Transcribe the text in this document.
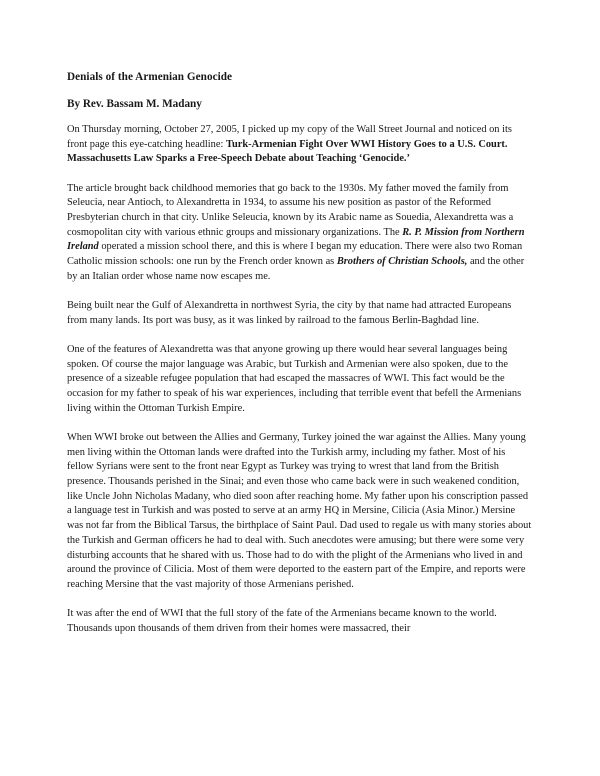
Denials of the Armenian Genocide
By Rev. Bassam M. Madany

On Thursday morning, October 27, 2005, I picked up my copy of the Wall Street Journal and noticed on its front page this eye-catching headline: Turk-Armenian Fight Over WWI History Goes to a U.S. Court. Massachusetts Law Sparks a Free-Speech Debate about Teaching ‘Genocide.’

The article brought back childhood memories that go back to the 1930s. My father moved the family from Seleucia, near Antioch, to Alexandretta in 1934, to assume his new position as pastor of the Reformed Presbyterian church in that city. Unlike Seleucia, known by its Arabic name as Souedia, Alexandretta was a cosmopolitan city with various ethnic groups and missionary organizations. The R. P. Mission from Northern Ireland operated a mission school there, and this is where I began my education. There were also two Roman Catholic mission schools: one run by the French order known as Brothers of Christian Schools, and the other by an Italian order whose name now escapes me.

Being built near the Gulf of Alexandretta in northwest Syria, the city by that name had attracted Europeans from many lands. Its port was busy, as it was linked by railroad to the famous Berlin-Baghdad line.

One of the features of Alexandretta was that anyone growing up there would hear several languages being spoken. Of course the major language was Arabic, but Turkish and Armenian were also spoken, due to the presence of a sizeable refugee population that had escaped the massacres of WWI. This fact would be the occasion for my father to speak of his war experiences, including that terrible event that befell the Armenians living within the Ottoman Turkish Empire.

When WWI broke out between the Allies and Germany, Turkey joined the war against the Allies. Many young men living within the Ottoman lands were drafted into the Turkish army, including my father. Most of his fellow Syrians were sent to the front near Egypt as Turkey was trying to wrest that land from the British presence. Thousands perished in the Sinai; and even those who came back were in such weakened condition, like Uncle John Nicholas Madany, who died soon after reaching home. My father upon his conscription passed a language test in Turkish and was posted to serve at an army HQ in Mersine, Cilicia (Asia Minor.) Mersine was not far from the Biblical Tarsus, the birthplace of Saint Paul. Dad used to regale us with many stories about the Turkish and German officers he had to deal with. Such anecdotes were amusing; but there were some very disturbing accounts that he shared with us. Those had to do with the plight of the Armenians who lived in and around the province of Cilicia. Most of them were deported to the eastern part of the Empire, and reports were reaching Mersine that the vast majority of those Armenians perished.

It was after the end of WWI that the full story of the fate of the Armenians became known to the world. Thousands upon thousands of them driven from their homes were massacred, their
